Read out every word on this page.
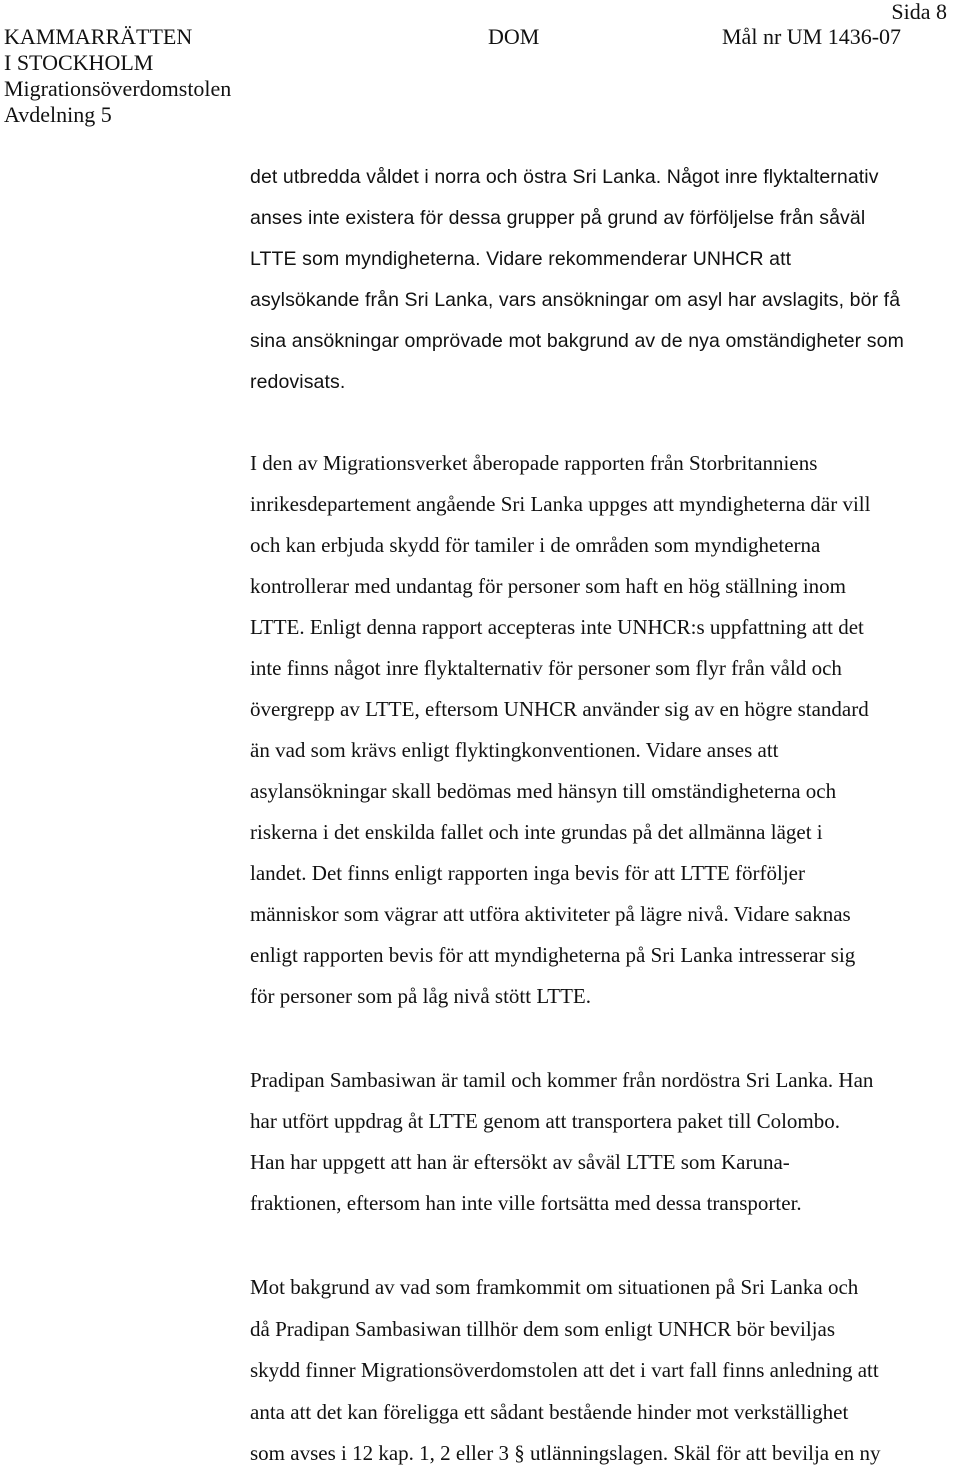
Sida 8
KAMMARRÄTTEN
I STOCKHOLM
Migrationsöverdomstolen
Avdelning 5
DOM	Mål nr UM 1436-07
det utbredda våldet i norra och östra Sri Lanka. Något inre flyktalternativ
anses inte existera för dessa grupper på grund av förföljelse från såväl
LTTE som myndigheterna. Vidare rekommenderar UNHCR att
asylsökande från Sri Lanka, vars ansökningar om asyl har avslagits, bör få
sina ansökningar omprövade mot bakgrund av de nya omständigheter som
redovisats.
I den av Migrationsverket åberopade rapporten från Storbritanniens
inrikesdepartement angående Sri Lanka uppges att myndigheterna där vill
och kan erbjuda skydd för tamiler i de områden som myndigheterna
kontrollerar med undantag för personer som haft en hög ställning inom
LTTE. Enligt denna rapport accepteras inte UNHCR:s uppfattning att det
inte finns något inre flyktalternativ för personer som flyr från våld och
övergrepp av LTTE, eftersom UNHCR använder sig av en högre standard
än vad som krävs enligt flyktingkonventionen. Vidare anses att
asylansökningar skall bedömas med hänsyn till omständigheterna och
riskerna i det enskilda fallet och inte grundas på det allmänna läget i
landet. Det finns enligt rapporten inga bevis för att LTTE förföljer
människor som vägrar att utföra aktiviteter på lägre nivå. Vidare saknas
enligt rapporten bevis för att myndigheterna på Sri Lanka intresserar sig
för personer som på låg nivå stött LTTE.
Pradipan Sambasiwan är tamil och kommer från nordöstra Sri Lanka. Han
har utfört uppdrag åt LTTE genom att transportera paket till Colombo.
Han har uppgett att han är eftersökt av såväl LTTE som Karuna-
fraktionen, eftersom han inte ville fortsätta med dessa transporter.
Mot bakgrund av vad som framkommit om situationen på Sri Lanka och
då Pradipan Sambasiwan tillhör dem som enligt UNHCR bör beviljas
skydd finner Migrationsöverdomstolen att det i vart fall finns anledning att
anta att det kan föreligga ett sådant bestående hinder mot verkställighet
som avses i 12 kap. 1, 2 eller 3 § utlänningslagen. Skäl för att bevilja en ny
